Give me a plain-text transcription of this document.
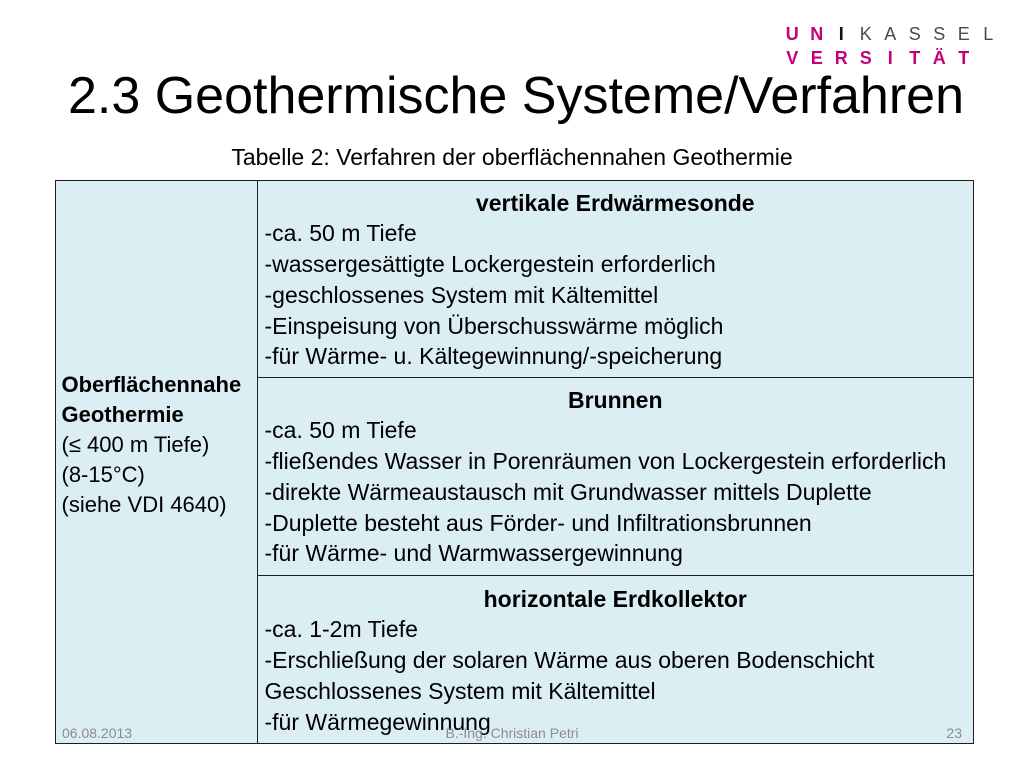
U N I K A S S E L
V E R S I T Ä T
2.3 Geothermische Systeme/Verfahren
Tabelle 2: Verfahren der oberflächennahen Geothermie
Oberflächennahe
Geothermie
(≤ 400 m Tiefe)
(8-15°C)
(siehe VDI 4640)
vertikale Erdwärmesonde
-ca. 50 m Tiefe
-wassergesättigte Lockergestein erforderlich
-geschlossenes System mit Kältemittel
-Einspeisung von Überschusswärme möglich
-für Wärme- u. Kältegewinnung/-speicherung
Brunnen
-ca. 50 m Tiefe
-fließendes Wasser in Porenräumen von Lockergestein erforderlich
-direkte Wärmeaustausch mit Grundwasser mittels Duplette
-Duplette besteht aus Förder- und Infiltrationsbrunnen
-für Wärme- und Warmwassergewinnung
horizontale Erdkollektor
-ca. 1-2m Tiefe
-Erschließung der solaren Wärme aus oberen Bodenschicht
Geschlossenes System mit Kältemittel
-für Wärmegewinnung
06.08.2013	B.-Ing. Christian Petri	23
